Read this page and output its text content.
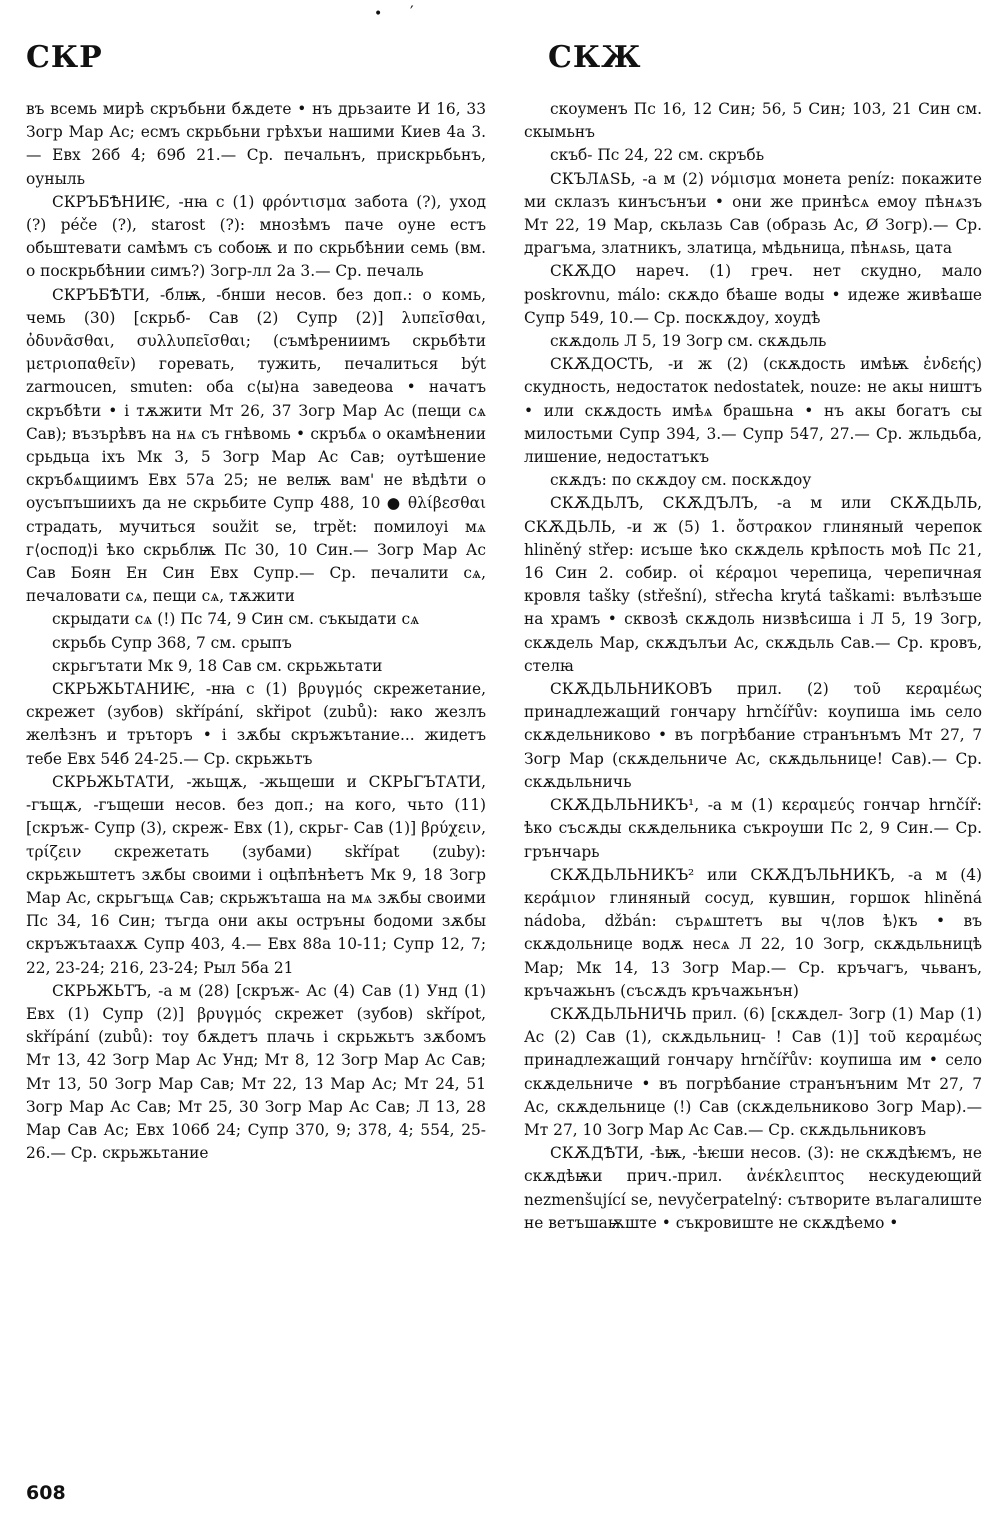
• ′
СКР	СКЖ

въ всемь мирѣ скръбьни бѫдете • нъ дрьзаите И 16, 33 Зогр Мар Ас; есмъ скрьбьни грѣхъи нашими Киев 4а 3.— Евх 26б 4; 69б 21.— Ср. печальнъ, прискрьбьнъ, оуныль

СКРЪБѢНИѤ, -нꙗ с (1) φρόντισμα забота (?), уход (?) péče (?), starost (?): мнозѣмъ паче оуне естъ обьштевати самѣмъ съ собоѭ и по скрьбѣнии семь (вм. о поскрьбѣнии симъ?) Зогр-лл 2а 3.— Ср. печаль

СКРЪБѢТИ, -блѭ, -бнши несов. без доп.: о комь, чемь (30) [скрьб- Сав (2) Супр (2)] λυπεῖσθαι, ὀδυνᾶσθαι, συλλυπεῖσθαι; (съмѣрениимъ скрьбѣти μετριοπαθεῖν) горевать, тужить, печалиться být zarmoucen, smuten: оба с⟨ы⟩на заведеова • начатъ скръбѣти • і тѫжити Мт 26, 37 Зогр Мар Ас (пещи сѧ Сав); възърѣвъ на нѧ съ гнѣвомь • скръбѧ о окамѣнении срьдьца іхъ Мк 3, 5 Зогр Мар Ас Сав; оутѣшение скръбѧщиимъ Евх 57а 25; не велѭ вам' не вѣдѣти о оусъпъшиихъ да не скрьбите Супр 488, 10 ● θλίβεσθαι страдать, мучиться soužit se, trpět: помилоуі мѧ г⟨оспод⟩і ѣко скрьблѭ Пс 30, 10 Син.— Зогр Мар Ас Сав Боян Ен Син Евх Супр.— Ср. печалити сѧ, печаловати сѧ, пещи сѧ, тѫжити

скрыдати сѧ (!) Пс 74, 9 Син см. съкыдати сѧ

скрьбь Супр 368, 7 см. срыпъ

скрьгътати Мк 9, 18 Сав см. скрьжьтати

СКРЬЖЬТАНИѤ, -нꙗ с (1) βρυγμός скрежетание, скрежет (зубов) skřípání, skřipot (zubů): ꙗко жезлъ желѣзнъ и тръторъ • і зѫбы скръжътание... жидетъ тебе Евх 54б 24-25.— Ср. скрьжьтъ

СКРЬЖЬТАТИ, -жьщѫ, -жьщеши и СКРЬГЪТАТИ, -гъщѫ, -гъщеши несов. без доп.; на кого, чьто (11) [скръж- Супр (3), скреж- Евх (1), скрьг- Сав (1)] βρύχειν, τρίζειν скрежетать (зубами) skřípat (zuby): скрьжьштетъ зѫбы своими і оцѣпѣнѣетъ Мк 9, 18 Зогр Мар Ас, скрьгъщѧ Сав; скрьжъташа на мѧ зѫбы своими Пс 34, 16 Син; тъгда они акы остръны бодоми зѫбы скръжътаахѫ Супр 403, 4.— Евх 88а 10-11; Супр 12, 7; 22, 23-24; 216, 23-24; Рыл 5ба 21

СКРЬЖЬТЪ, -а м (28) [скръж- Ас (4) Сав (1) Унд (1) Евх (1) Супр (2)] βρυγμός скрежет (зубов) skřípot, skřípání (zubů): тоу бѫдетъ плачь і скрьжьтъ зѫбомъ Мт 13, 42 Зогр Мар Ас Унд; Мт 8, 12 Зогр Мар Ас Сав; Мт 13, 50 Зогр Мар Сав; Мт 22, 13 Мар Ас; Мт 24, 51 Зогр Мар Ас Сав; Мт 25, 30 Зогр Мар Ас Сав; Л 13, 28 Мар Сав Ас; Евх 106б 24; Супр 370, 9; 378, 4; 554, 25-26.— Ср. скрьжьтание

скоуменъ Пс 16, 12 Син; 56, 5 Син; 103, 21 Син см. скымьнъ

скъб- Пс 24, 22 см. скръбь

СКЪЛѦЅЬ, -а м (2) νόμισμα монета peníz: покажите ми склазъ кинъсънъи • они же принѣсѧ емоу пѣнѧзъ Мт 22, 19 Мар, скьлазь Сав (образь Ас, Ø Зогр).— Ср. драгъма, златникъ, златица, мѣдьница, пѣнѧѕь, цата

СКѪДО нареч. (1) греч. нет скудно, мало poskrovnu, málo: скѫдо бѣаше воды • идеже живѣаше Супр 549, 10.— Ср. поскѫдоу, хоудѣ

скѫдоль Л 5, 19 Зогр см. скѫдьль

СКѪДОСТЬ, -и ж (2) (скѫдость имѣѭ ἐνδεής) скудность, недостаток nedostatek, nouze: не акы ништъ • или скѫдость имѣѧ брашьна • нъ акы богатъ сы милостьми Супр 394, 3.— Супр 547, 27.— Ср. жльдьба, лишение, недостатъкъ

скѫдъ: по скѫдоу см. поскѫдоу

СКѪДЬЛЪ, СКѪДЪЛЪ, -а м или СКѪДЬЛЬ, СКѪДЬЛЬ, -и ж (5) 1. ὄστρακον глиняный черепок hliněný střep: исъше ѣко скѫдель крѣпость моѣ Пс 21, 16 Син 2. собир. οἱ κέραμοι черепица, черепичная кровля tašky (střešní), střecha krytá taškami: вълѣзъше на храмъ • сквозѣ скѫдоль низвѣсиша і Л 5, 19 Зогр, скѫдель Мар, скѫдълъи Ас, скѫдьль Сав.— Ср. кровъ, стелꙗ

СКѪДЬЛЬНИКОВЪ прил. (2) τοῦ κεραμέως принадлежащий гончару hrnčířův: коупиша імь село скѫдельниково • въ погрѣбание странънъмъ Мт 27, 7 Зогр Мар (скѫдельниче Ас, скѫдьльнице! Сав).— Ср. скѫдьльничь

СКѪДЬЛЬНИКЪ¹, -а м (1) κεραμεύς гончар hrnčíř: ѣко съсѫды скѫдельника съкроуши Пс 2, 9 Син.— Ср. грънчарь

СКѪДЬЛЬНИКЪ² или СКѪДЪЛЬНИКЪ, -а м (4) κεράμιον глиняный сосуд, кувшин, горшок hliněná nádoba, džbán: сърѧштетъ вы ч⟨лов ѣ⟩къ • въ скѫдольнице водѫ несѧ Л 22, 10 Зогр, скѫдьльницѣ Мар; Мк 14, 13 Зогр Мар.— Ср. кръчагъ, чьванъ, кръчажьнъ (съсѫдъ кръчажьнън)

СКѪДЬЛЬНИЧЬ прил. (6) [скѫдел- Зогр (1) Мар (1) Ас (2) Сав (1), скѫдьльниц- ! Сав (1)] τοῦ κεραμέως принадлежащий гончару hrnčířův: коупиша им • село скѫдельниче • въ погрѣбание странънъним Мт 27, 7 Ас, скѫдельнице (!) Сав (скѫдельниково Зогр Мар).— Мт 27, 10 Зогр Мар Ас Сав.— Ср. скѫдьльниковъ

СКѪДѢТИ, -ѣѭ, -ѣѥши несов. (3): не скѫдѣѥмъ, не скѫдѣѭи прич.-прил. ἀνέκλειπτος нескудеющий nezmenšující se, nevyčerpatelný: сътворите вълагалиште не ветъшаѭште • съкровиште не скѫдѣемо •

608
